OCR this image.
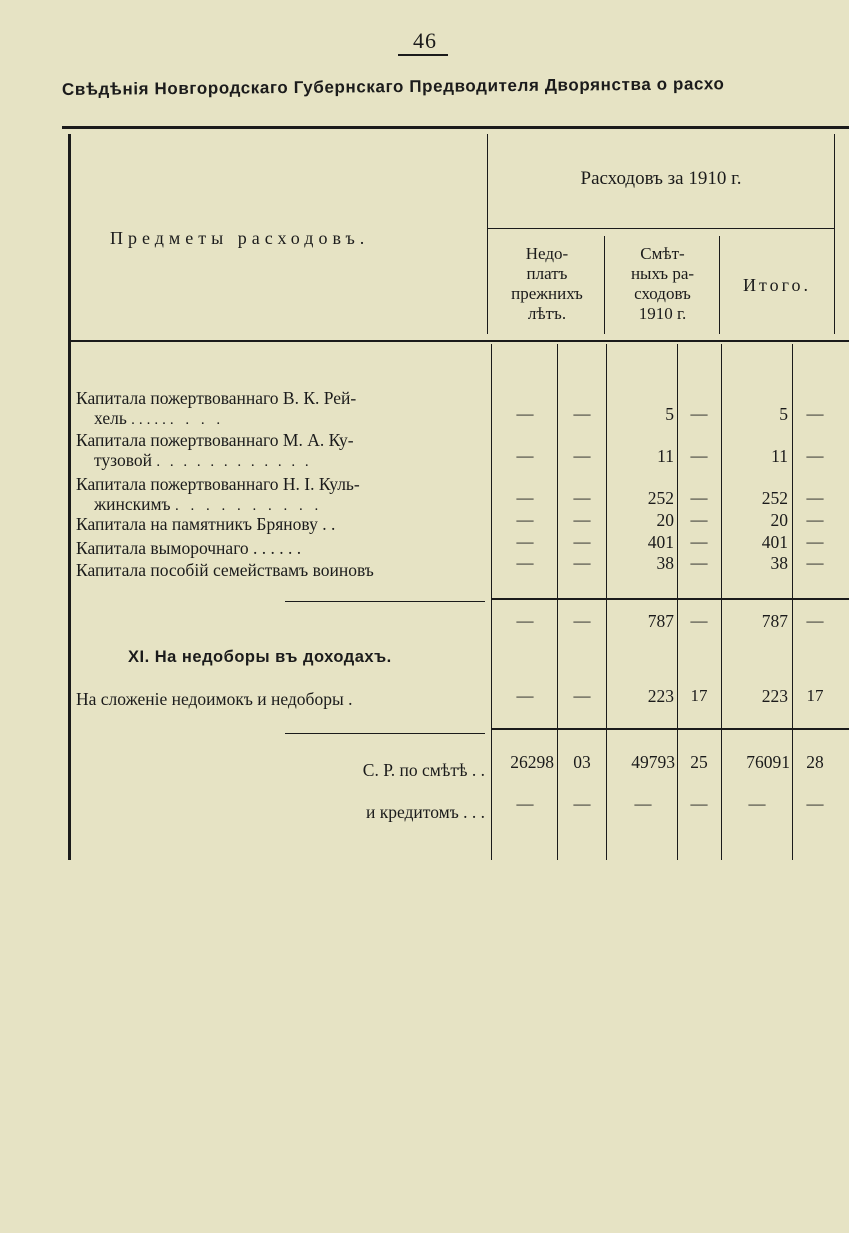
46
Свѣдѣнія Новгородскаго Губернскаго Предводителя Дворянства о расхо
Предметы расходовъ.
Расходовъ за 1910 г.
Недо-
платъ
прежнихъ
лѣтъ.
Смѣт-
ныхъ ра-
сходовъ
1910 г.
Итого.
Капитала пожертвованнаго В. К. Рей-
хель ...... . . .	—	—	5 —	5	—
Капитала пожертвованнаго М. А. Ку-
тузовой . . . . . . . . . . . .	—	—	11 —	11	—
Капитала пожертвованнаго Н. I. Куль-
жинскимъ . . . . . . . . . .	—	—	252 —	252	—
Капитала на памятникъ Брянову . .	—	—	20 —	20	—
Капитала выморочнаго . . . . . .	—	—	401 —	401	—
Капитала пособій семействамъ воиновъ	—	—	38 —	38	—
—	—	787 —	787	—
XI. На недоборы въ доходахъ.
На сложеніе недоимокъ и недоборы .	—	—	223 17	223	17
С. Р. по смѣтѣ . .	26298	03	49793 25	76091 28
и кредитомъ . . .	—	—	—	—	—	—
